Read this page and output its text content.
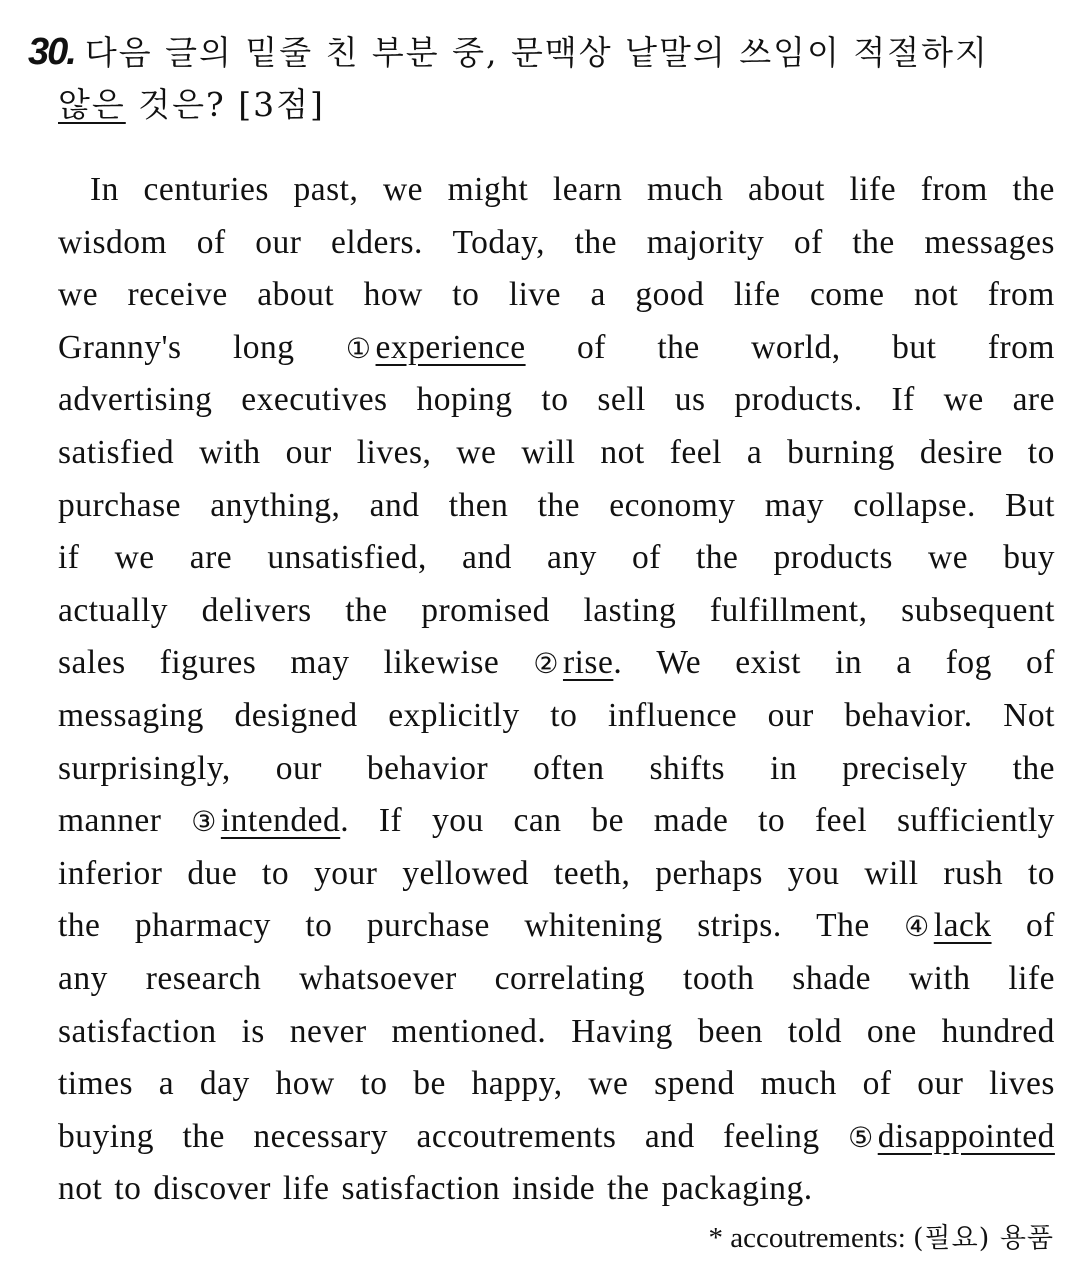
30. 다음 글의 밑줄 친 부분 중, 문맥상 낱말의 쓰임이 적절하지
않은 것은? [3점]
In centuries past, we might learn much about life from the
wisdom of our elders. Today, the majority of the messages
we receive about how to live a good life come not from
Granny's long ① experience of the world, but from
advertising executives hoping to sell us products. If we are
satisfied with our lives, we will not feel a burning desire to
purchase anything, and then the economy may collapse. But
if we are unsatisfied, and any of the products we buy
actually delivers the promised lasting fulfillment, subsequent
sales figures may likewise ② rise. We exist in a fog of
messaging designed explicitly to influence our behavior. Not
surprisingly, our behavior often shifts in precisely the
manner ③ intended. If you can be made to feel sufficiently
inferior due to your yellowed teeth, perhaps you will rush to
the pharmacy to purchase whitening strips. The ④ lack of
any research whatsoever correlating tooth shade with life
satisfaction is never mentioned. Having been told one hundred
times a day how to be happy, we spend much of our lives
buying the necessary accoutrements and feeling ⑤ disappointed
not to discover life satisfaction inside the packaging.
* accoutrements: (필요) 용품
